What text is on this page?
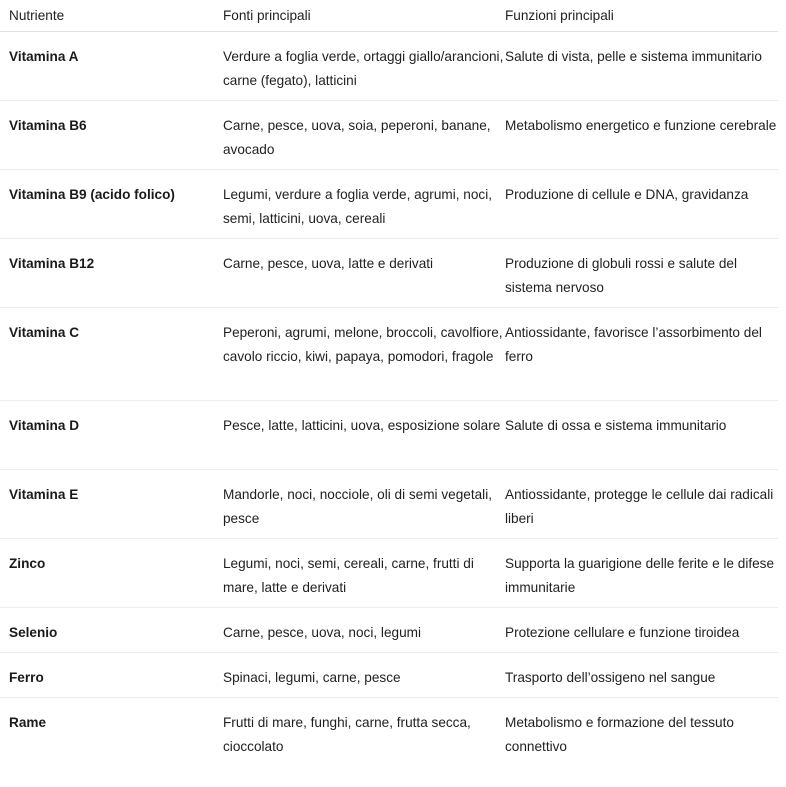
Nutriente	Fonti principali	Funzioni principali
Vitamina A	Verdure a foglia verde, ortaggi giallo/arancioni, carne (fegato), latticini	Salute di vista, pelle e sistema immunitario
Vitamina B6	Carne, pesce, uova, soia, peperoni, banane, avocado	Metabolismo energetico e funzione cerebrale
Vitamina B9 (acido folico)	Legumi, verdure a foglia verde, agrumi, noci, semi, latticini, uova, cereali	Produzione di cellule e DNA, gravidanza
Vitamina B12	Carne, pesce, uova, latte e derivati	Produzione di globuli rossi e salute del sistema nervoso
Vitamina C	Peperoni, agrumi, melone, broccoli, cavolfiore, cavolo riccio, kiwi, papaya, pomodori, fragole	Antiossidante, favorisce l’assorbimento del ferro
Vitamina D	Pesce, latte, latticini, uova, esposizione solare	Salute di ossa e sistema immunitario
Vitamina E	Mandorle, noci, nocciole, oli di semi vegetali, pesce	Antiossidante, protegge le cellule dai radicali liberi
Zinco	Legumi, noci, semi, cereali, carne, frutti di mare, latte e derivati	Supporta la guarigione delle ferite e le difese immunitarie
Selenio	Carne, pesce, uova, noci, legumi	Protezione cellulare e funzione tiroidea
Ferro	Spinaci, legumi, carne, pesce	Trasporto dell’ossigeno nel sangue
Rame	Frutti di mare, funghi, carne, frutta secca, cioccolato	Metabolismo e formazione del tessuto connettivo
